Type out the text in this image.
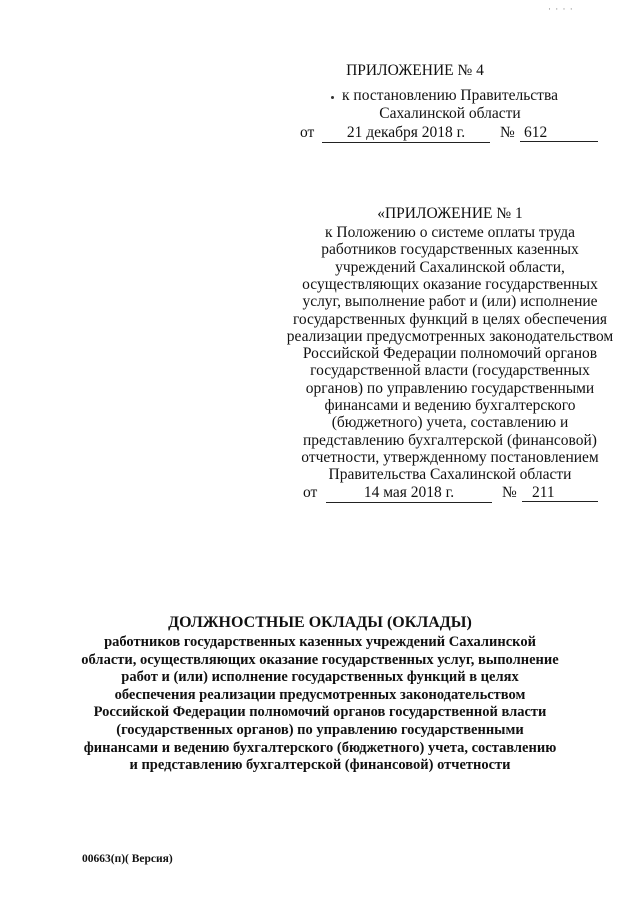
· · · ·
ПРИЛОЖЕНИЕ № 4
к постановлению Правительства
Сахалинской области
от	21 декабря 2018 г.	№ 612
«ПРИЛОЖЕНИЕ № 1
к Положению о системе оплаты труда
работников государственных казенных
учреждений Сахалинской области,
осуществляющих оказание государственных
услуг, выполнение работ и (или) исполнение
государственных функций в целях обеспечения
реализации предусмотренных законодательством
Российской Федерации полномочий органов
государственной власти (государственных
органов) по управлению государственными
финансами и ведению бухгалтерского
(бюджетного) учета, составлению и
представлению бухгалтерской (финансовой)
отчетности, утвержденному постановлением
Правительства Сахалинской области
от	14 мая 2018 г.	№ 211
ДОЛЖНОСТНЫЕ ОКЛАДЫ (ОКЛАДЫ)
работников государственных казенных учреждений Сахалинской
области, осуществляющих оказание государственных услуг, выполнение
работ и (или) исполнение государственных функций в целях
обеспечения реализации предусмотренных законодательством
Российской Федерации полномочий органов государственной власти
(государственных органов) по управлению государственными
финансами и ведению бухгалтерского (бюджетного) учета, составлению
и представлению бухгалтерской (финансовой) отчетности
00663(п)( Версия)
